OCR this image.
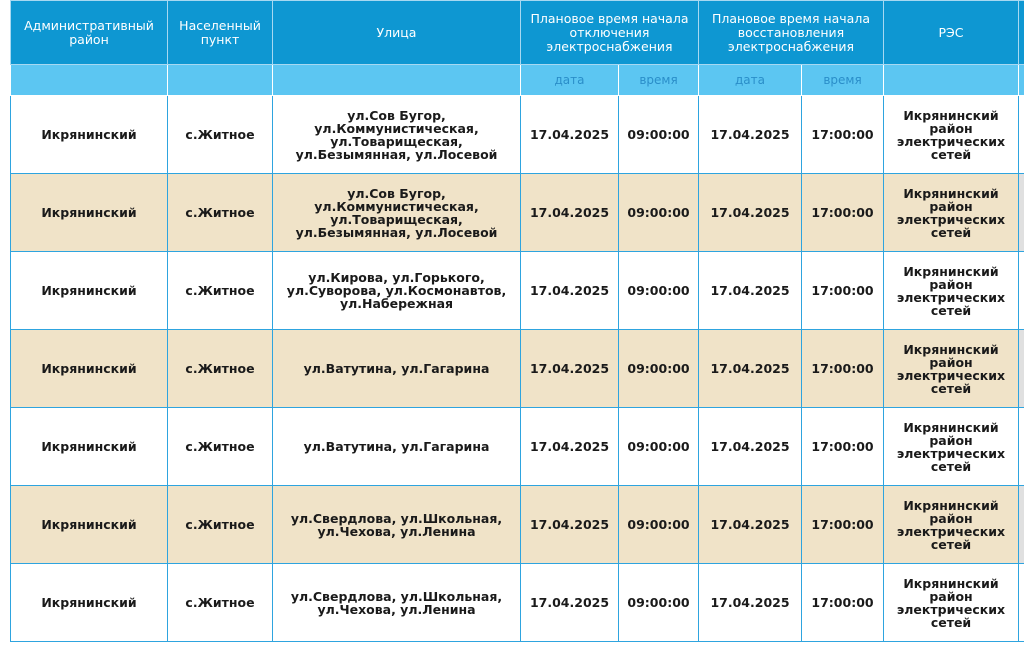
Административный район	Населенный пункт	Улица	Плановое время начала отключения электроснабжения		Плановое время начала восстановления электроснабжения		РЭС	
			дата	время	дата	время		
Икрянинский	с.Житное	ул.Сов Бугор, ул.Коммунистическая, ул.Товарищеская, ул.Безымянная, ул.Лосевой	17.04.2025	09:00:00	17.04.2025	17:00:00	Икрянинский район электрических сетей	
Икрянинский	с.Житное	ул.Сов Бугор, ул.Коммунистическая, ул.Товарищеская, ул.Безымянная, ул.Лосевой	17.04.2025	09:00:00	17.04.2025	17:00:00	Икрянинский район электрических сетей	
Икрянинский	с.Житное	ул.Кирова, ул.Горького, ул.Суворова, ул.Космонавтов, ул.Набережная	17.04.2025	09:00:00	17.04.2025	17:00:00	Икрянинский район электрических сетей	
Икрянинский	с.Житное	ул.Ватутина, ул.Гагарина	17.04.2025	09:00:00	17.04.2025	17:00:00	Икрянинский район электрических сетей	
Икрянинский	с.Житное	ул.Ватутина, ул.Гагарина	17.04.2025	09:00:00	17.04.2025	17:00:00	Икрянинский район электрических сетей	
Икрянинский	с.Житное	ул.Свердлова, ул.Школьная, ул.Чехова, ул.Ленина	17.04.2025	09:00:00	17.04.2025	17:00:00	Икрянинский район электрических сетей	
Икрянинский	с.Житное	ул.Свердлова, ул.Школьная, ул.Чехова, ул.Ленина	17.04.2025	09:00:00	17.04.2025	17:00:00	Икрянинский район электрических сетей	
